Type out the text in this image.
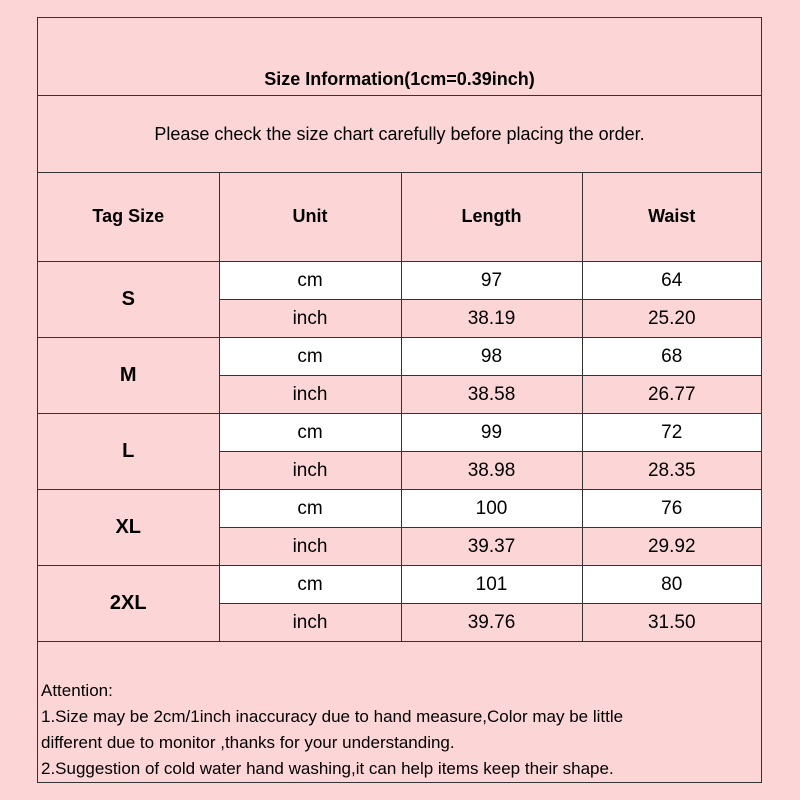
Size Information(1cm=0.39inch)
Please check the size chart carefully before placing the order.
Tag Size	Unit	Length	Waist
S	cm	97	64
	inch	38.19	25.20
M	cm	98	68
	inch	38.58	26.77
L	cm	99	72
	inch	38.98	28.35
XL	cm	100	76
	inch	39.37	29.92
2XL	cm	101	80
	inch	39.76	31.50
Attention:
1.Size may be 2cm/1inch inaccuracy due to hand measure,Color may be little
different due to monitor ,thanks for your understanding.
2.Suggestion of cold water hand washing,it can help items keep their shape.
